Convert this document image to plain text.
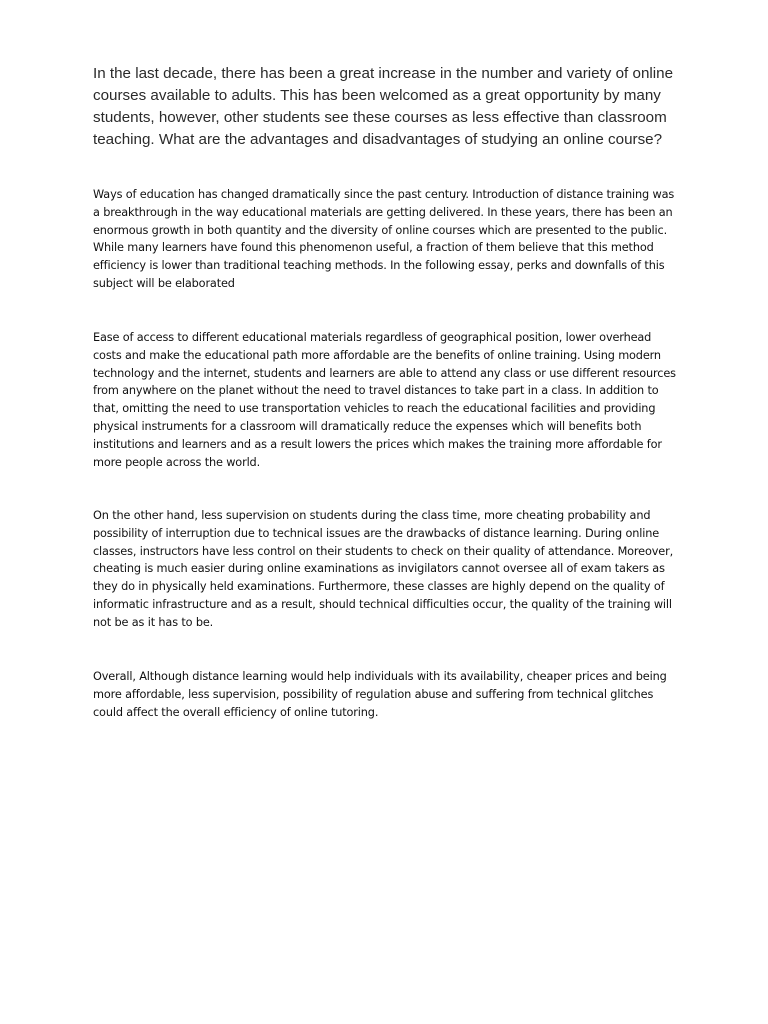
In the last decade, there has been a great increase in the number and variety of online courses available to adults. This has been welcomed as a great opportunity by many students, however, other students see these courses as less effective than classroom teaching. What are the advantages and disadvantages of studying an online course?

Ways of education has changed dramatically since the past century. Introduction of distance training was a breakthrough in the way educational materials are getting delivered. In these years, there has been an enormous growth in both quantity and the diversity of online courses which are presented to the public. While many learners have found this phenomenon useful, a fraction of them believe that this method efficiency is lower than traditional teaching methods. In the following essay, perks and downfalls of this subject will be elaborated

Ease of access to different educational materials regardless of geographical position, lower overhead costs and make the educational path more affordable are the benefits of online training. Using modern technology and the internet, students and learners are able to attend any class or use different resources from anywhere on the planet without the need to travel distances to take part in a class. In addition to that, omitting the need to use transportation vehicles to reach the educational facilities and providing physical instruments for a classroom will dramatically reduce the expenses which will benefits both institutions and learners and as a result lowers the prices which makes the training more affordable for more people across the world.

On the other hand, less supervision on students during the class time, more cheating probability and possibility of interruption due to technical issues are the drawbacks of distance learning. During online classes, instructors have less control on their students to check on their quality of attendance. Moreover, cheating is much easier during online examinations as invigilators cannot oversee all of exam takers as they do in physically held examinations. Furthermore, these classes are highly depend on the quality of informatic infrastructure and as a result, should technical difficulties occur, the quality of the training will not be as it has to be.

Overall, Although distance learning would help individuals with its availability, cheaper prices and being more affordable, less supervision, possibility of regulation abuse and suffering from technical glitches could affect the overall efficiency of online tutoring.
